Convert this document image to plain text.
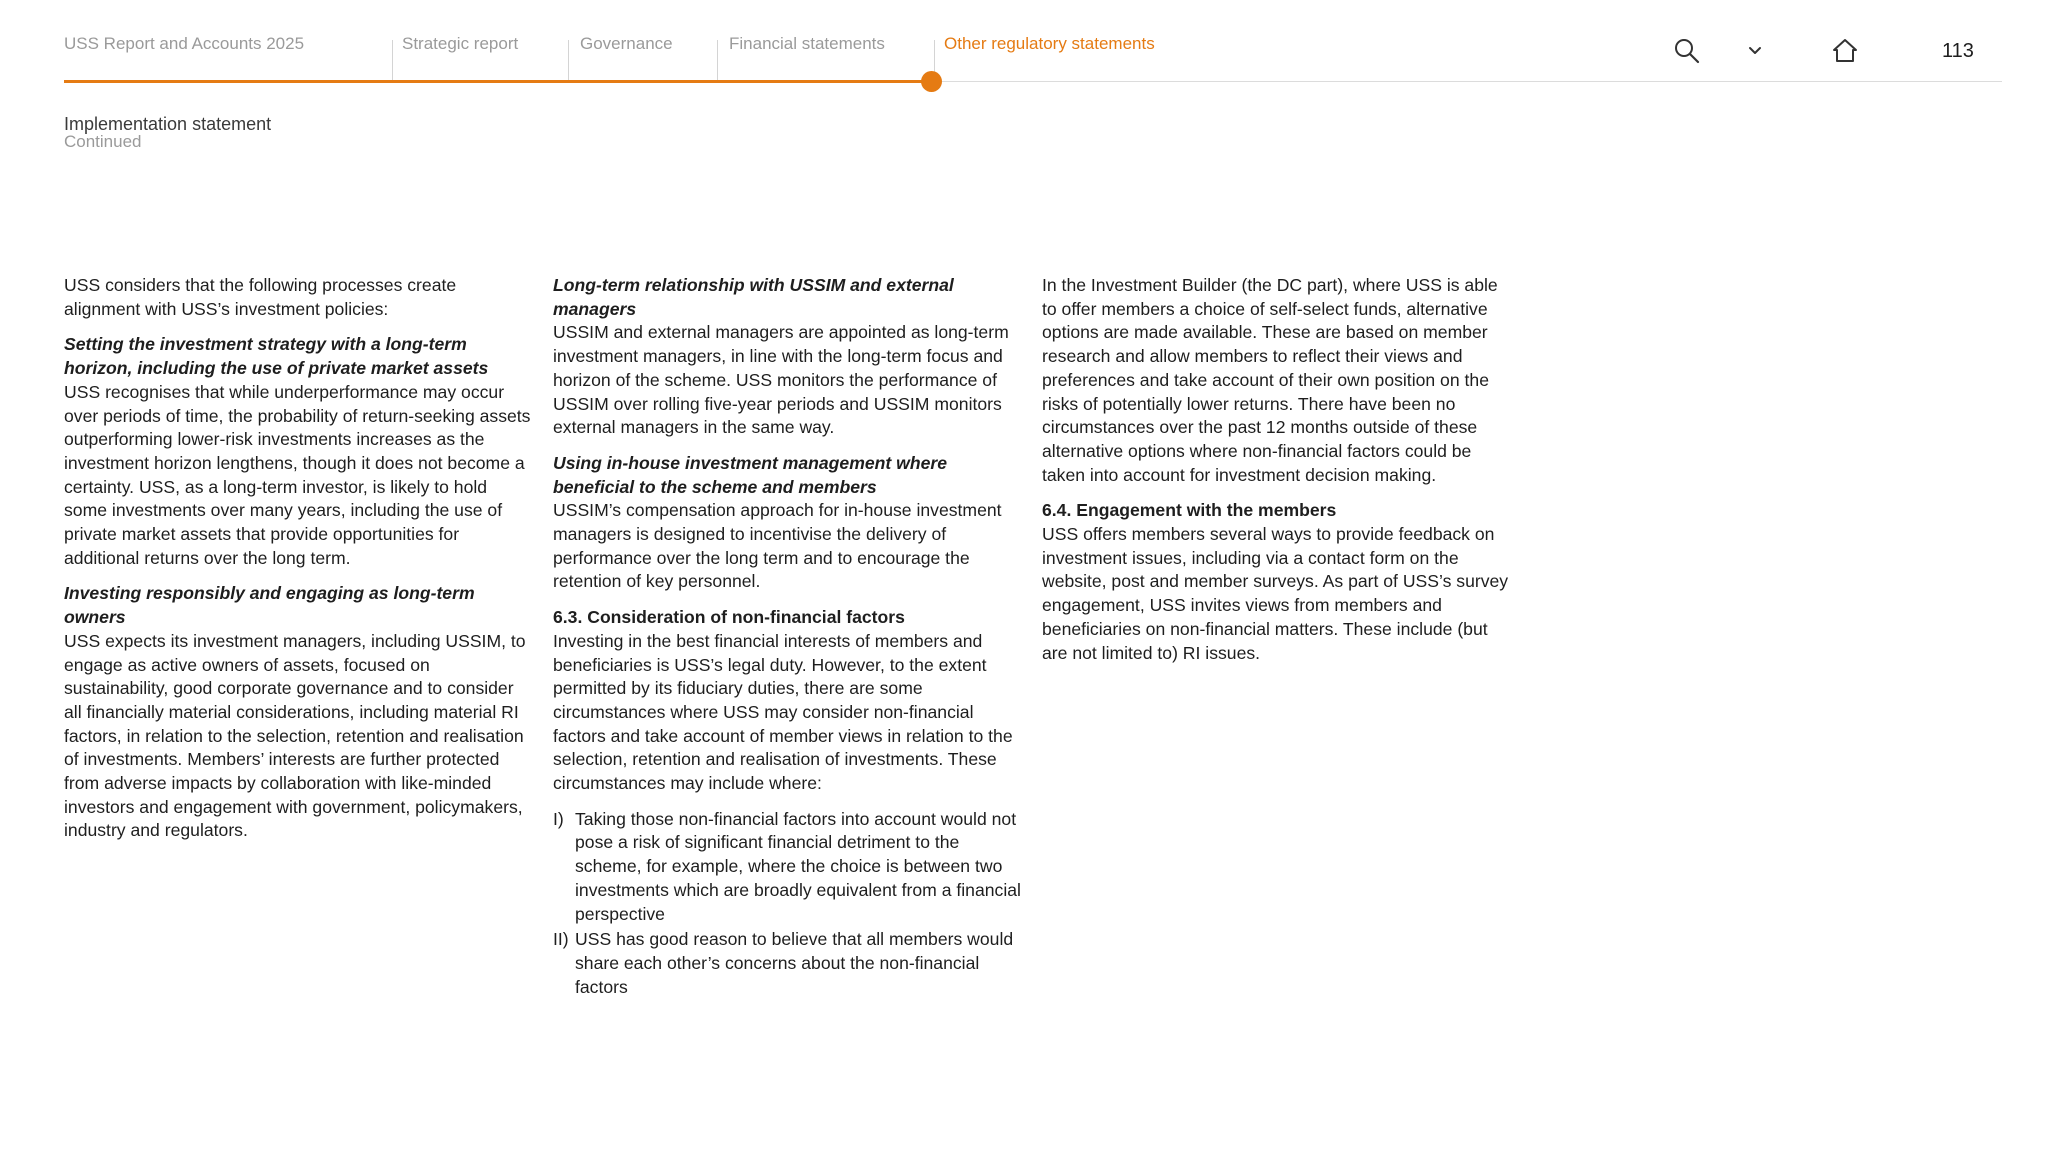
USS Report and Accounts 2025	Strategic report	Governance	Financial statements	Other regulatory statements	113
Implementation statement
Continued

USS considers that the following processes create alignment with USS’s investment policies:

Setting the investment strategy with a long-term horizon, including the use of private market assets
USS recognises that while underperformance may occur over periods of time, the probability of return-seeking assets outperforming lower-risk investments increases as the investment horizon lengthens, though it does not become a certainty. USS, as a long-term investor, is likely to hold some investments over many years, including the use of private market assets that provide opportunities for additional returns over the long term.

Investing responsibly and engaging as long-term owners
USS expects its investment managers, including USSIM, to engage as active owners of assets, focused on sustainability, good corporate governance and to consider all financially material considerations, including material RI factors, in relation to the selection, retention and realisation of investments. Members’ interests are further protected from adverse impacts by collaboration with like-minded investors and engagement with government, policymakers, industry and regulators.

Long-term relationship with USSIM and external managers
USSIM and external managers are appointed as long-term investment managers, in line with the long-term focus and horizon of the scheme. USS monitors the performance of USSIM over rolling five-year periods and USSIM monitors external managers in the same way.

Using in-house investment management where beneficial to the scheme and members
USSIM’s compensation approach for in-house investment managers is designed to incentivise the delivery of performance over the long term and to encourage the retention of key personnel.

6.3. Consideration of non-financial factors
Investing in the best financial interests of members and beneficiaries is USS’s legal duty. However, to the extent permitted by its fiduciary duties, there are some circumstances where USS may consider non-financial factors and take account of member views in relation to the selection, retention and realisation of investments. These circumstances may include where:

I) Taking those non-financial factors into account would not pose a risk of significant financial detriment to the scheme, for example, where the choice is between two investments which are broadly equivalent from a financial perspective
II) USS has good reason to believe that all members would share each other’s concerns about the non-financial factors

In the Investment Builder (the DC part), where USS is able to offer members a choice of self-select funds, alternative options are made available. These are based on member research and allow members to reflect their views and preferences and take account of their own position on the risks of potentially lower returns. There have been no circumstances over the past 12 months outside of these alternative options where non-financial factors could be taken into account for investment decision making.

6.4. Engagement with the members
USS offers members several ways to provide feedback on investment issues, including via a contact form on the website, post and member surveys. As part of USS’s survey engagement, USS invites views from members and beneficiaries on non-financial matters. These include (but are not limited to) RI issues.
